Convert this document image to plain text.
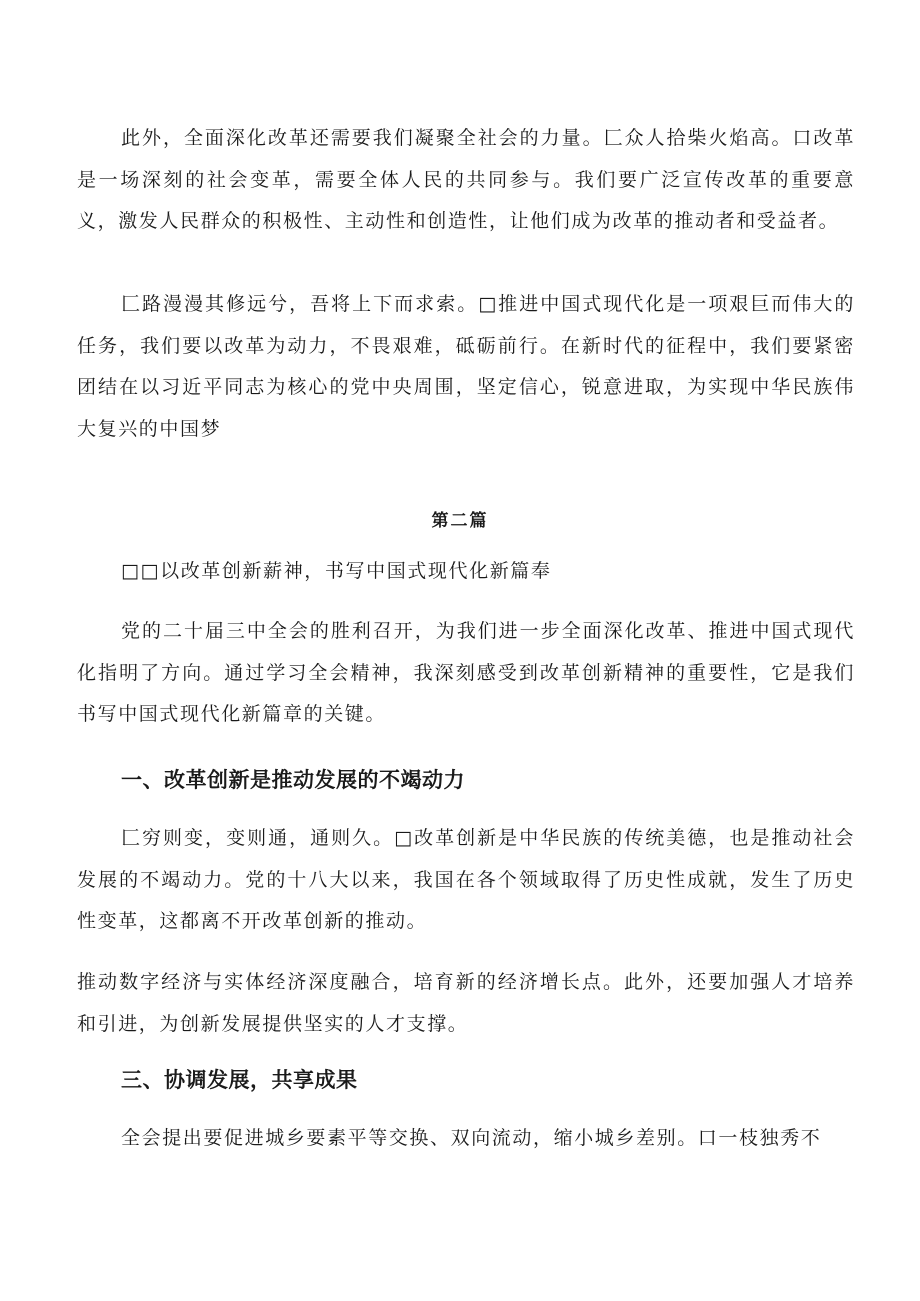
此外，全面深化改革还需要我们凝聚全社会的力量。匚众人拾柴火焰高。口改革是一场深刻的社会变革，需要全体人民的共同参与。我们要广泛宣传改革的重要意义，激发人民群众的积极性、主动性和创造性，让他们成为改革的推动者和受益者。

匚路漫漫其修远兮，吾将上下而求索。□推进中国式现代化是一项艰巨而伟大的任务，我们要以改革为动力，不畏艰难，砥砺前行。在新时代的征程中，我们要紧密团结在以习近平同志为核心的党中央周围，坚定信心，锐意进取，为实现中华民族伟大复兴的中国梦

第二篇

□□以改革创新薪神，书写中国式现代化新篇奉

党的二十届三中全会的胜利召开，为我们进一步全面深化改革、推进中国式现代化指明了方向。通过学习全会精神，我深刻感受到改革创新精神的重要性，它是我们书写中国式现代化新篇章的关键。

一、改革创新是推动发展的不竭动力

匚穷则变，变则通，通则久。□改革创新是中华民族的传统美德，也是推动社会发展的不竭动力。党的十八大以来，我国在各个领域取得了历史性成就，发生了历史性变革，这都离不开改革创新的推动。

推动数字经济与实体经济深度融合，培育新的经济增长点。此外，还要加强人才培养和引进，为创新发展提供坚实的人才支撑。

三、协调发展，共享成果

全会提出要促进城乡要素平等交换、双向流动，缩小城乡差别。口一枝独秀不
